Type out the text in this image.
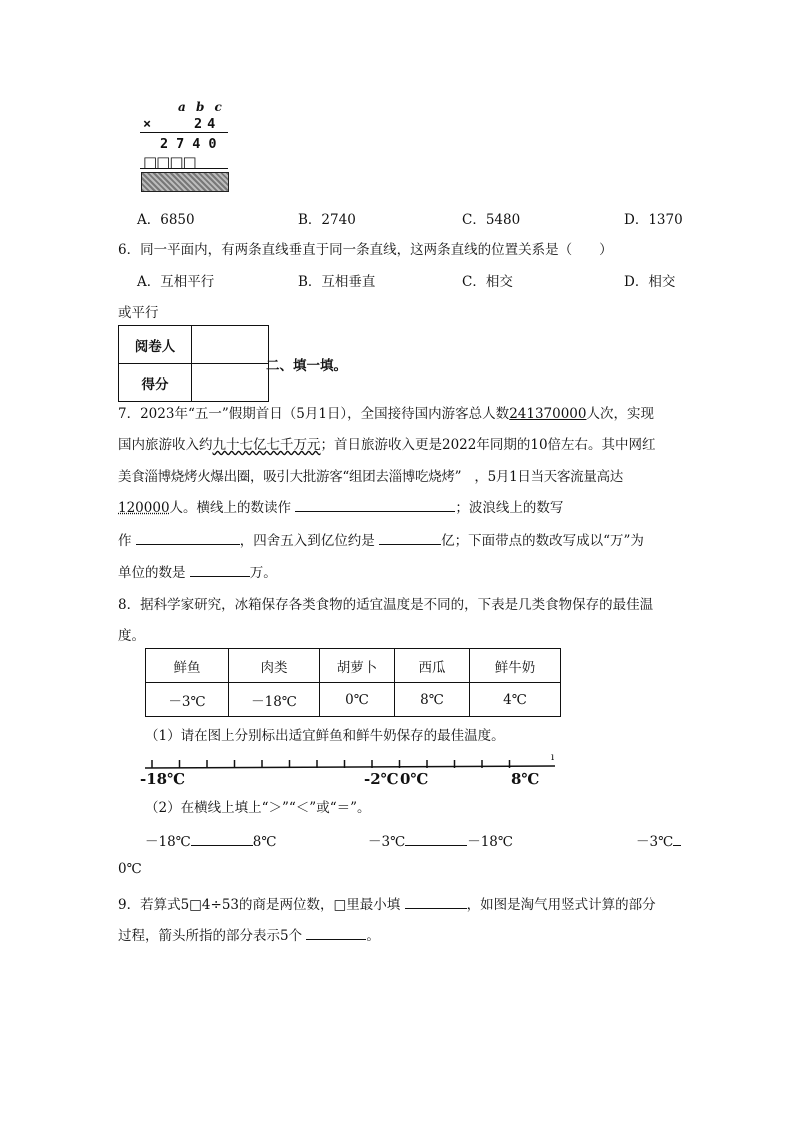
a b c
×	24
2740
□□□□
A．6850	B．2740	C．5480	D．1370
6．同一平面内，有两条直线垂直于同一条直线，这两条直线的位置关系是（　　）
A．互相平行	B．互相垂直	C．相交	D．相交
或平行
阅卷人	
得分	
二、填一填。
7．2023年“五一”假期首日（5月1日），全国接待国内游客总人数241370000人次，实现
国内旅游收入约九十七亿七千万元；首日旅游收入更是2022年同期的10倍左右。其中网红
美食淄博烧烤火爆出圈，吸引大批游客“组团去淄博吃烧烤”　，5月1日当天客流量高达
120000人。横线上的数读作	；波浪线上的数写
作	，四舍五入到亿位约是	亿；下面带点的数改写成以“万”为
单位的数是	万。
8．据科学家研究，冰箱保存各类食物的适宜温度是不同的，下表是几类食物保存的最佳温
度。
鲜鱼	肉类	胡萝卜	西瓜	鲜牛奶
－3℃	－18℃	0℃	8℃	4℃
（1）请在图上分别标出适宜鲜鱼和鲜牛奶保存的最佳温度。
ı
-18℃	-2℃ 0℃	8℃
（2）在横线上填上“＞”“＜”或“＝”。
－18℃	8℃	－3℃	－18℃	－3℃
0℃
9．若算式5□4÷53的商是两位数，□里最小填	，如图是淘气用竖式计算的部分
过程，箭头所指的部分表示5个	。
